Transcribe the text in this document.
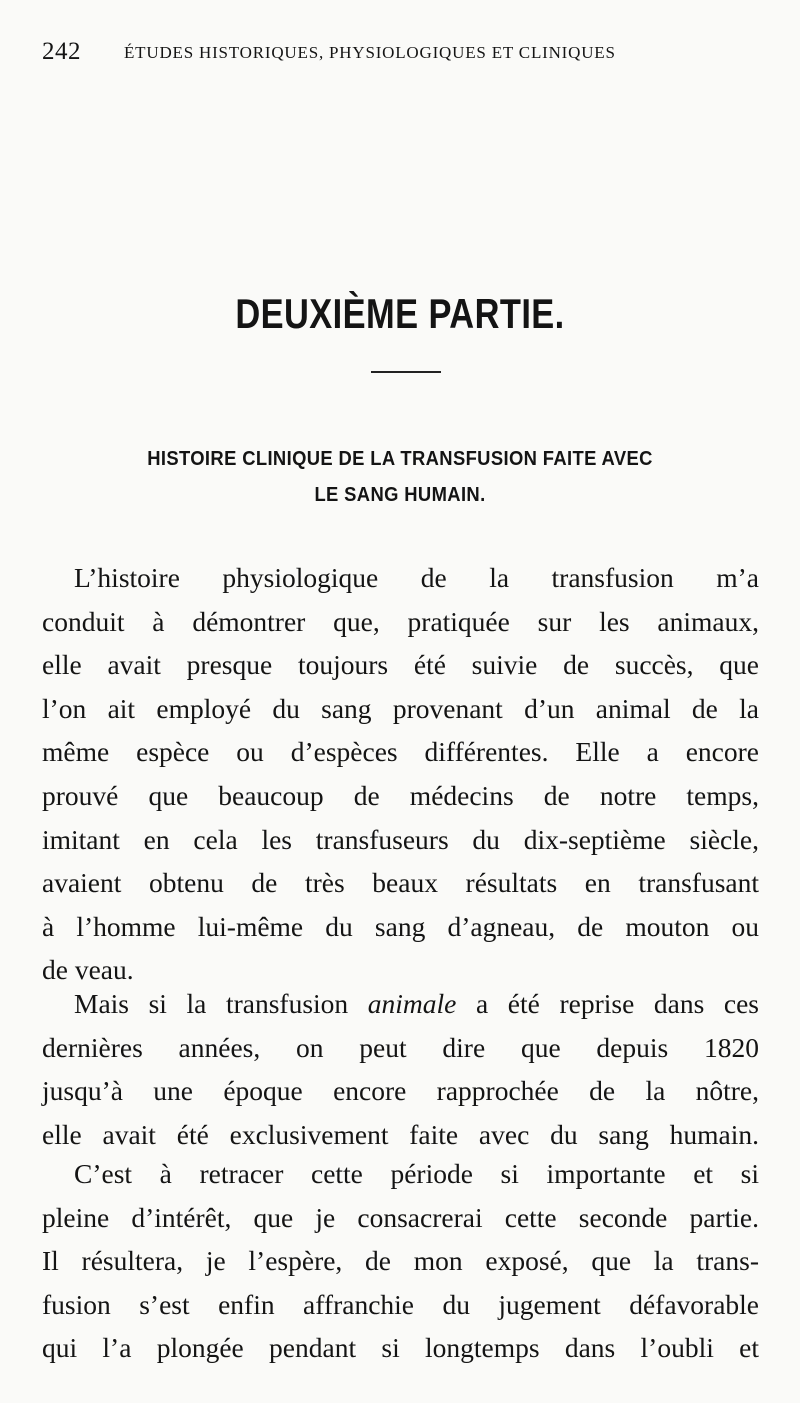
242	ÉTUDES HISTORIQUES, PHYSIOLOGIQUES ET CLINIQUES
DEUXIÈME PARTIE.
HISTOIRE CLINIQUE DE LA TRANSFUSION FAITE AVEC
LE SANG HUMAIN.
L’histoire physiologique de la transfusion m’a
conduit à démontrer que, pratiquée sur les animaux,
elle avait presque toujours été suivie de succès, que
l’on ait employé du sang provenant d’un animal de la
même espèce ou d’espèces différentes. Elle a encore
prouvé que beaucoup de médecins de notre temps,
imitant en cela les transfuseurs du dix-septième siècle,
avaient obtenu de très beaux résultats en transfusant
à l’homme lui-même du sang d’agneau, de mouton ou
de veau.
Mais si la transfusion animale a été reprise dans ces
dernières années, on peut dire que depuis 1820
jusqu’à une époque encore rapprochée de la nôtre,
elle avait été exclusivement faite avec du sang humain.
C’est à retracer cette période si importante et si
pleine d’intérêt, que je consacrerai cette seconde partie.
Il résultera, je l’espère, de mon exposé, que la trans-
fusion s’est enfin affranchie du jugement défavorable
qui l’a plongée pendant si longtemps dans l’oubli et
